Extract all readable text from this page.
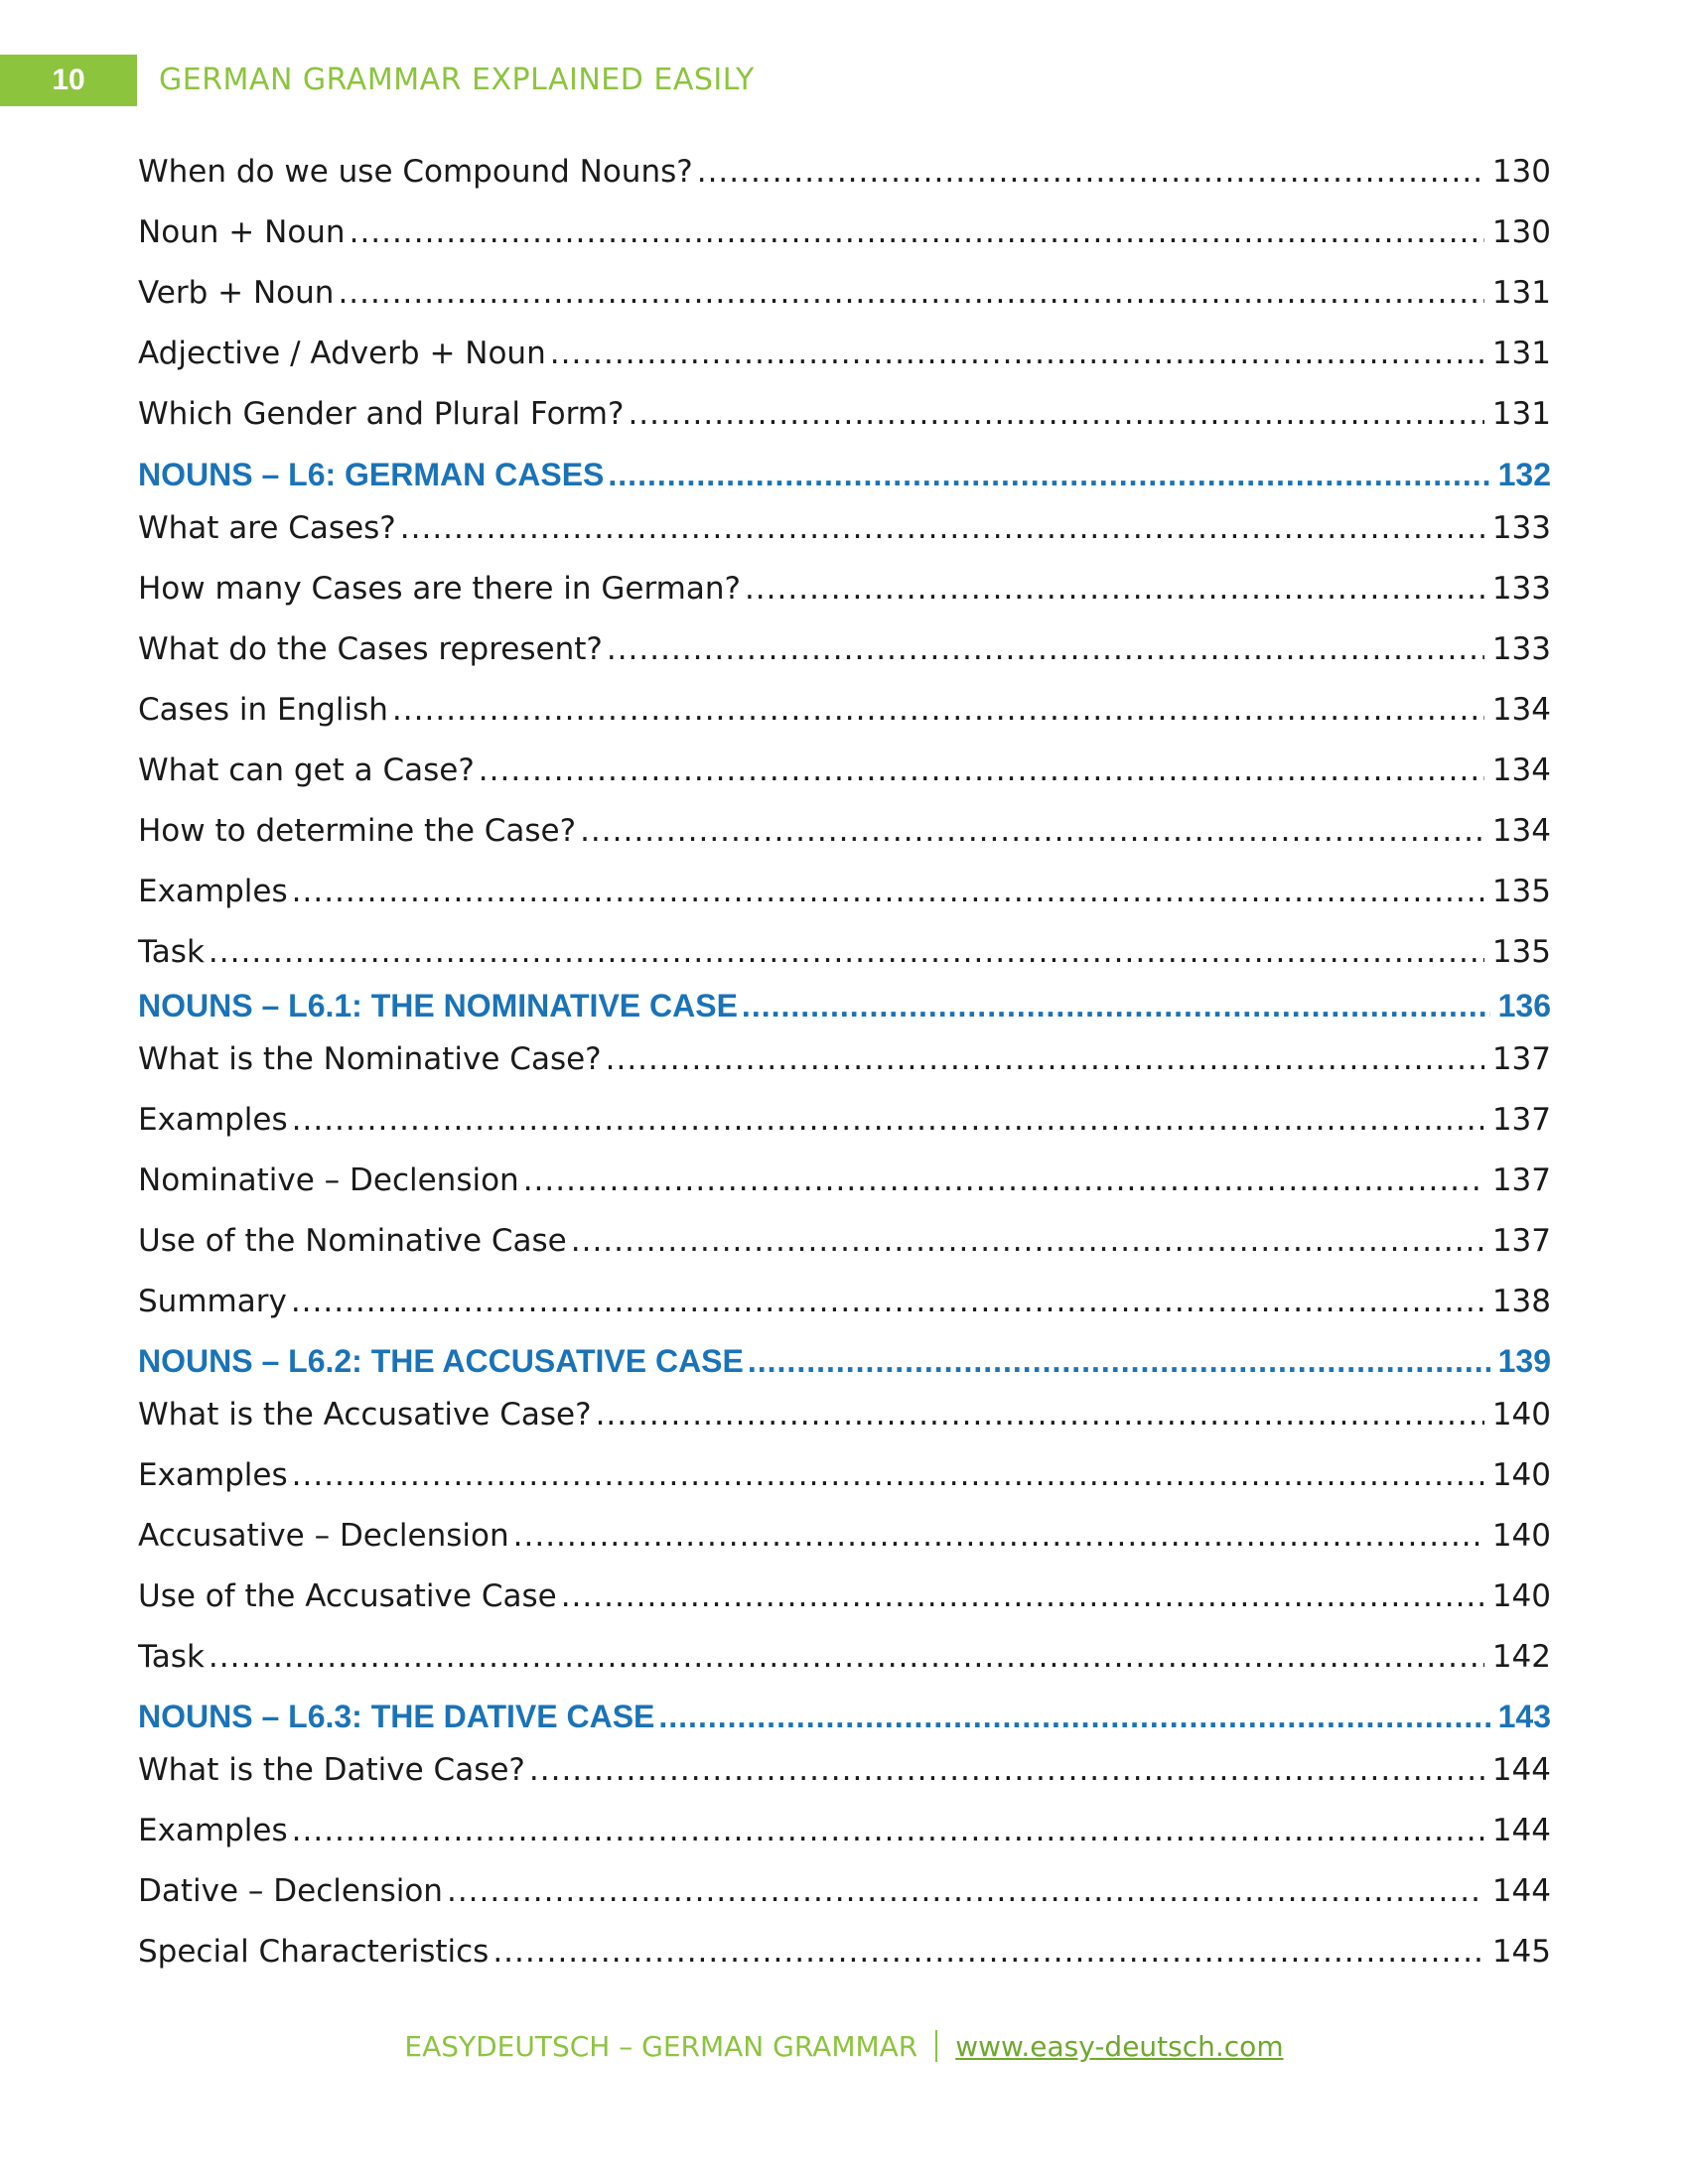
10	GERMAN GRAMMAR EXPLAINED EASILY
When do we use Compound Nouns? .....	130
Noun + Noun .....	130
Verb + Noun .....	131
Adjective / Adverb + Noun .....	131
Which Gender and Plural Form? .....	131
NOUNS – L6: GERMAN CASES .....	132
What are Cases? .....	133
How many Cases are there in German? .....	133
What do the Cases represent? .....	133
Cases in English .....	134
What can get a Case? .....	134
How to determine the Case? .....	134
Examples .....	135
Task .....	135
NOUNS – L6.1: THE NOMINATIVE CASE .....	136
What is the Nominative Case? .....	137
Examples .....	137
Nominative – Declension .....	137
Use of the Nominative Case .....	137
Summary .....	138
NOUNS – L6.2: THE ACCUSATIVE CASE .....	139
What is the Accusative Case? .....	140
Examples .....	140
Accusative – Declension .....	140
Use of the Accusative Case .....	140
Task .....	142
NOUNS – L6.3: THE DATIVE CASE .....	143
What is the Dative Case? .....	144
Examples .....	144
Dative – Declension .....	144
Special Characteristics .....	145
EASYDEUTSCH – GERMAN GRAMMAR www.easy-deutsch.com
